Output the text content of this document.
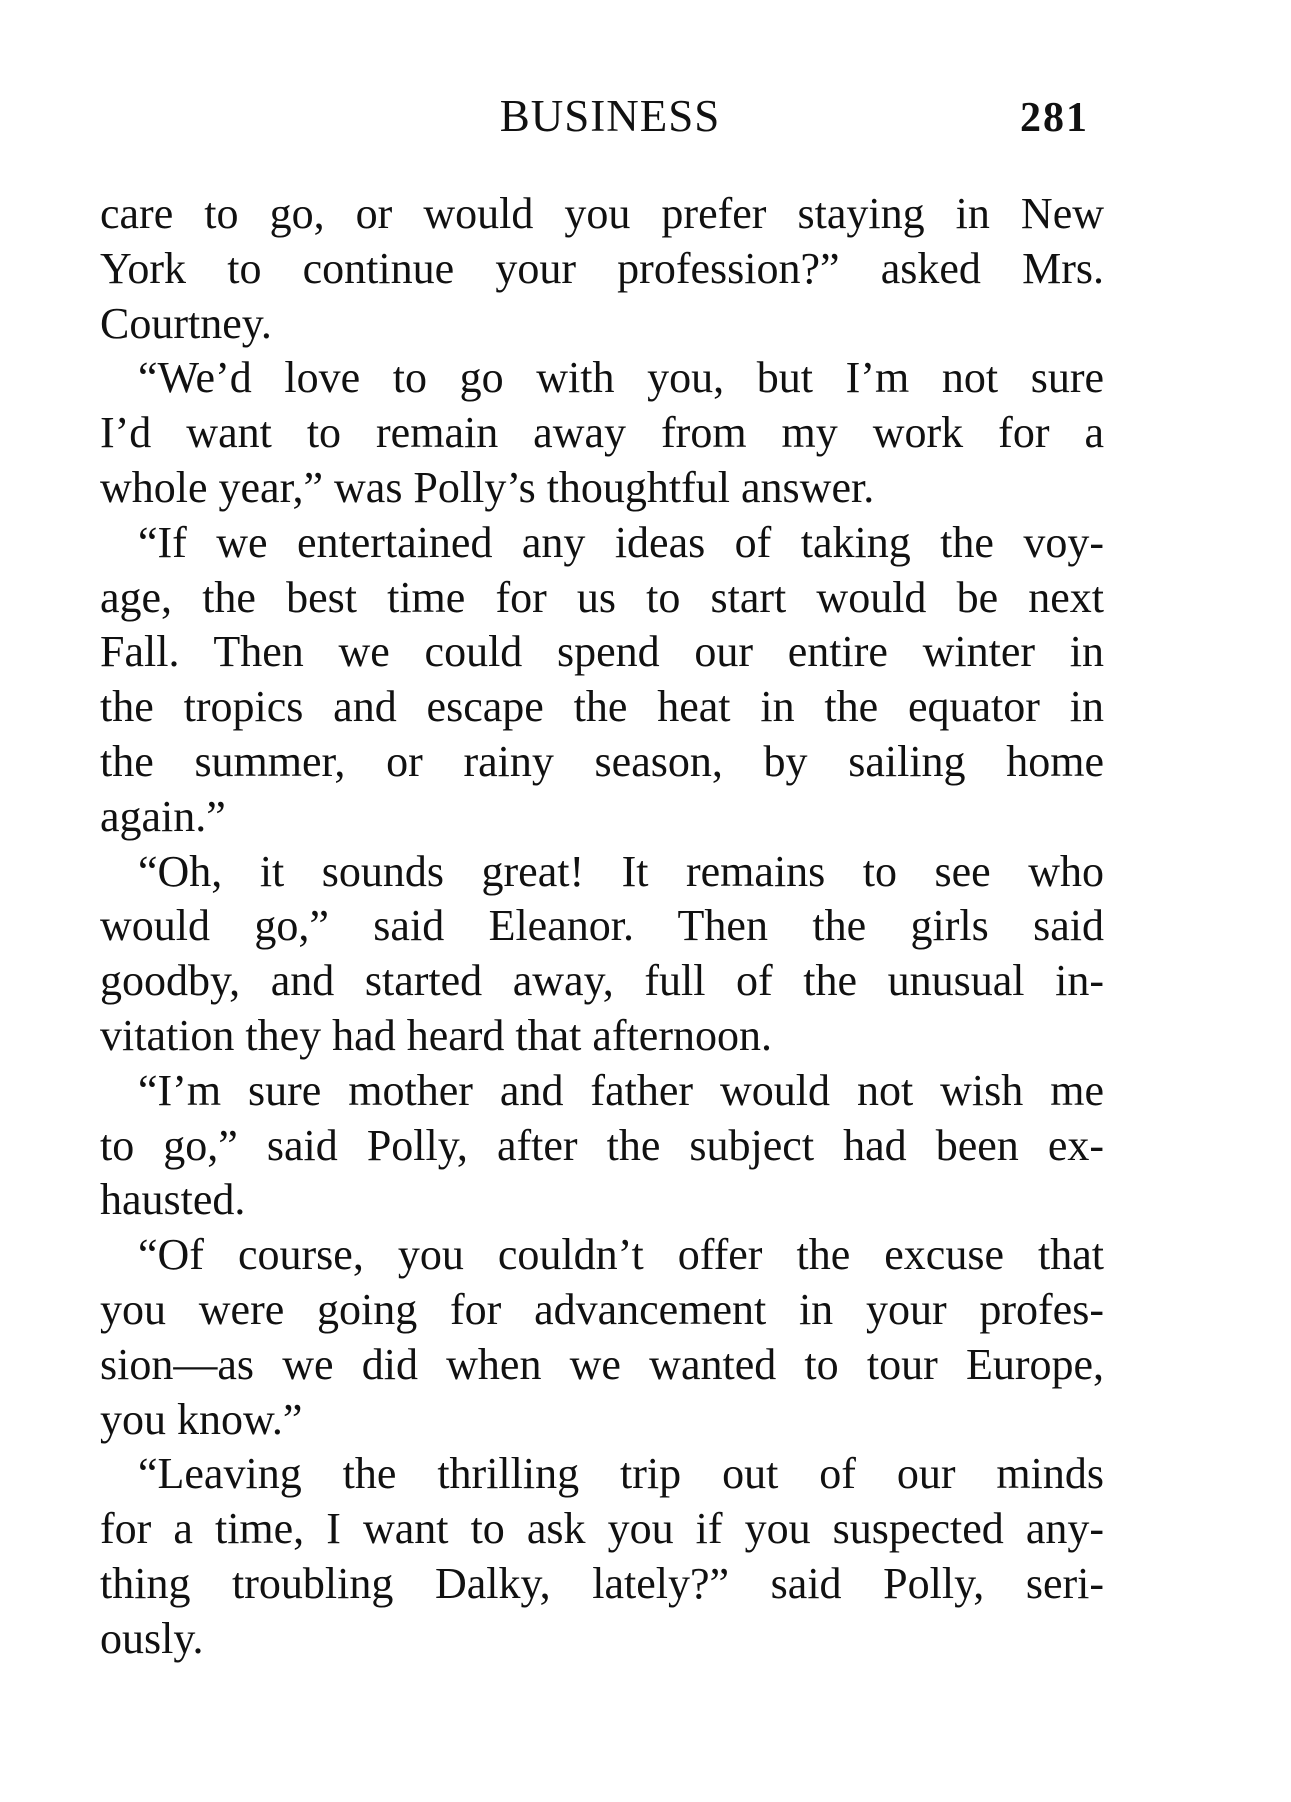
BUSINESS	281
care to go, or would you prefer staying in New
York to continue your profession?” asked Mrs.
Courtney.
“We’d love to go with you, but I’m not sure
I’d want to remain away from my work for a
whole year,” was Polly’s thoughtful answer.
“If we entertained any ideas of taking the voy-
age, the best time for us to start would be next
Fall. Then we could spend our entire winter in
the tropics and escape the heat in the equator in
the summer, or rainy season, by sailing home
again.”
“Oh, it sounds great! It remains to see who
would go,” said Eleanor. Then the girls said
goodby, and started away, full of the unusual in-
vitation they had heard that afternoon.
“I’m sure mother and father would not wish me
to go,” said Polly, after the subject had been ex-
hausted.
“Of course, you couldn’t offer the excuse that
you were going for advancement in your profes-
sion—as we did when we wanted to tour Europe,
you know.”
“Leaving the thrilling trip out of our minds
for a time, I want to ask you if you suspected any-
thing troubling Dalky, lately?” said Polly, seri-
ously.
